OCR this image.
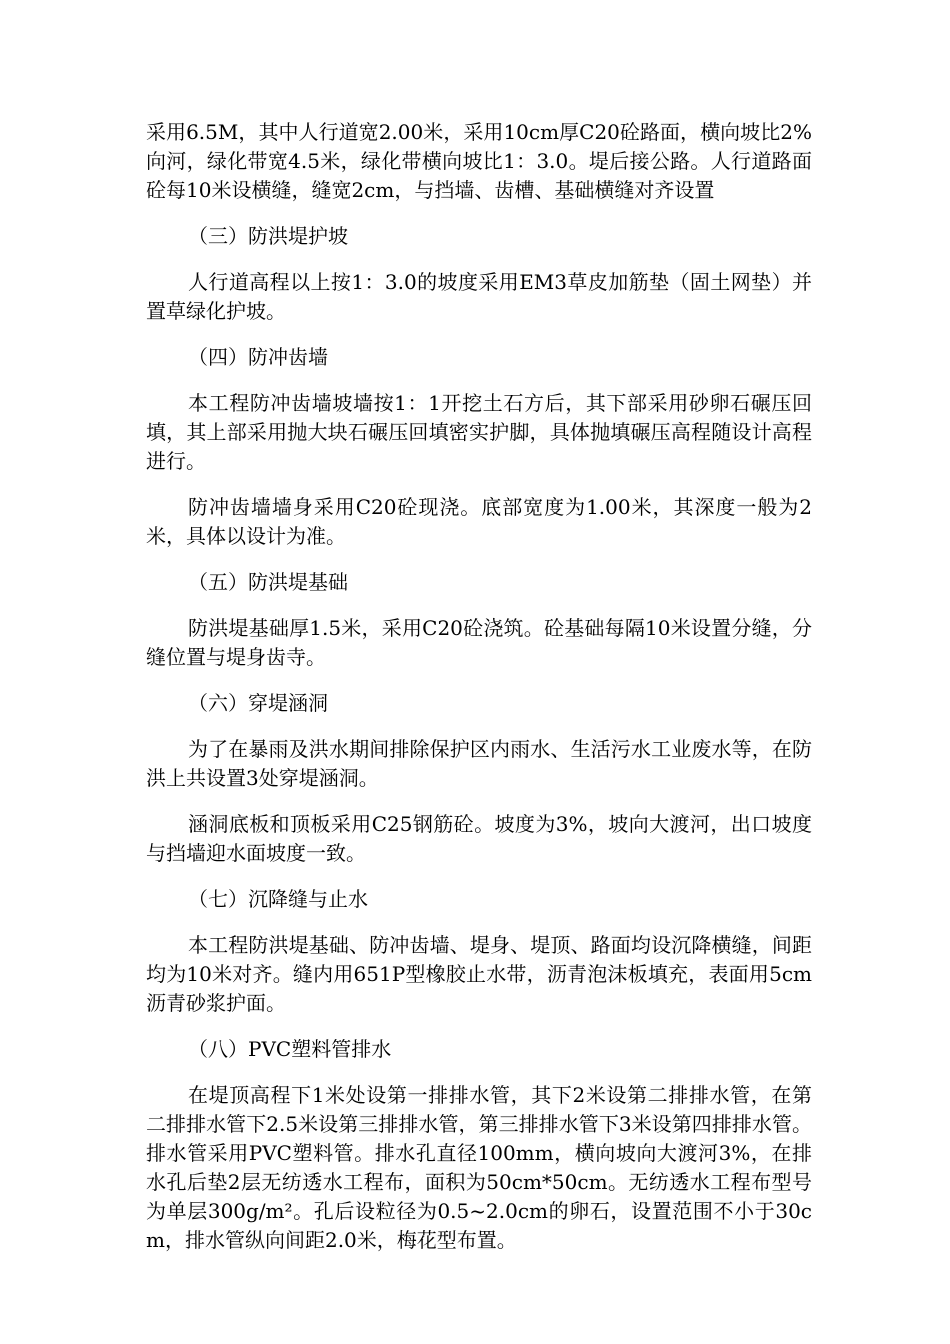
采用6.5M，其中人行道宽2.00米，采用10cm厚C20砼路面，横向坡比2%向河，绿化带宽4.5米，绿化带横向坡比1：3.0。堤后接公路。人行道路面砼每10米设横缝，缝宽2cm，与挡墙、齿槽、基础横缝对齐设置

（三）防洪堤护坡

人行道高程以上按1：3.0的坡度采用EM3草皮加筋垫（固土网垫）并置草绿化护坡。

（四）防冲齿墙

本工程防冲齿墙坡墙按1：1开挖土石方后，其下部采用砂卵石碾压回填，其上部采用抛大块石碾压回填密实护脚，具体抛填碾压高程随设计高程进行。

防冲齿墙墙身采用C20砼现浇。底部宽度为1.00米，其深度一般为2米，具体以设计为准。

（五）防洪堤基础

防洪堤基础厚1.5米，采用C20砼浇筑。砼基础每隔10米设置分缝，分缝位置与堤身齿寺。

（六）穿堤涵洞

为了在暴雨及洪水期间排除保护区内雨水、生活污水工业废水等，在防洪上共设置3处穿堤涵洞。

涵洞底板和顶板采用C25钢筋砼。坡度为3%，坡向大渡河，出口坡度与挡墙迎水面坡度一致。

（七）沉降缝与止水

本工程防洪堤基础、防冲齿墙、堤身、堤顶、路面均设沉降横缝，间距均为10米对齐。缝内用651P型橡胶止水带，沥青泡沫板填充，表面用5cm沥青砂浆护面。

（八）PVC塑料管排水

在堤顶高程下1米处设第一排排水管，其下2米设第二排排水管，在第二排排水管下2.5米设第三排排水管，第三排排水管下3米设第四排排水管。排水管采用PVC塑料管。排水孔直径100mm，横向坡向大渡河3%，在排水孔后垫2层无纺透水工程布，面积为50cm*50cm。无纺透水工程布型号为单层300g/m²。孔后设粒径为0.5~2.0cm的卵石，设置范围不小于30cm，排水管纵向间距2.0米，梅花型布置。
